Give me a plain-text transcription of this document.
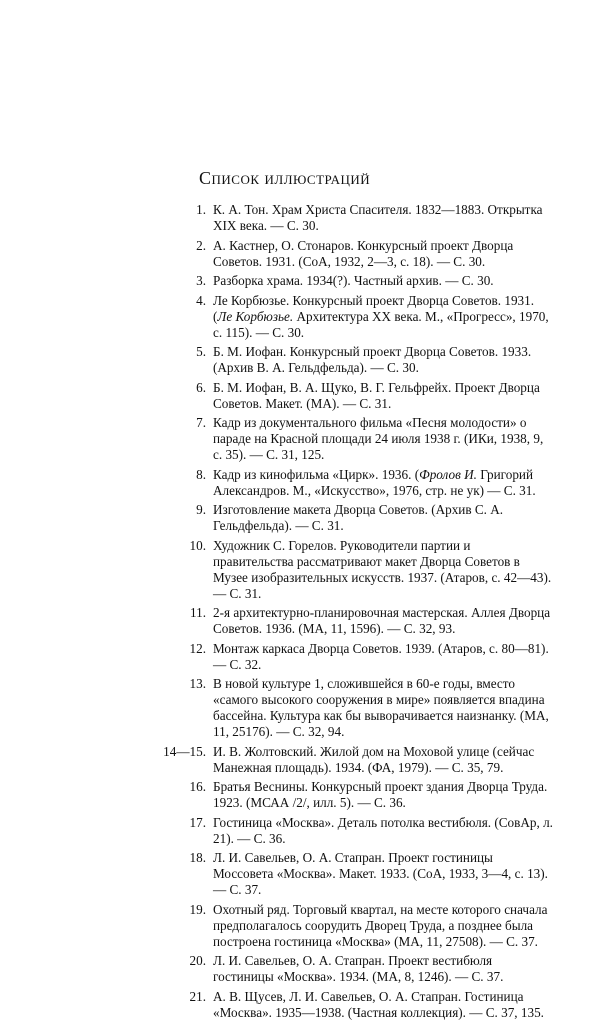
Список иллюстраций
1. К. А. Тон. Храм Христа Спасителя. 1832—1883. Открытка XIX века. — С. 30.
2. А. Кастнер, О. Стонаров. Конкурсный проект Дворца Советов. 1931. (СоА, 1932, 2—3, с. 18). — С. 30.
3. Разборка храма. 1934(?). Частный архив. — С. 30.
4. Ле Корбюзье. Конкурсный проект Дворца Советов. 1931. (Ле Корбюзье. Архитектура XX века. М., «Прогресс», 1970, с. 115). — С. 30.
5. Б. М. Иофан. Конкурсный проект Дворца Советов. 1933. (Архив В. А. Гельдфельда). — С. 30.
6. Б. М. Иофан, В. А. Щуко, В. Г. Гельфрейх. Проект Дворца Советов. Макет. (МА). — С. 31.
7. Кадр из документального фильма «Песня молодости» о параде на Красной площади 24 июля 1938 г. (ИКи, 1938, 9, с. 35). — С. 31, 125.
8. Кадр из кинофильма «Цирк». 1936. (Фролов И. Григорий Александров. М., «Искусство», 1976, стр. не ук) — С. 31.
9. Изготовление макета Дворца Советов. (Архив С. А. Гельдфельда). — С. 31.
10. Художник С. Горелов. Руководители партии и правительства рассматривают макет Дворца Советов в Музее изобразительных искусств. 1937. (Атаров, с. 42—43). — С. 31.
11. 2-я архитектурно-планировочная мастерская. Аллея Дворца Советов. 1936. (МА, 11, 1596). — С. 32, 93.
12. Монтаж каркаса Дворца Советов. 1939. (Атаров, с. 80—81). — С. 32.
13. В новой культуре 1, сложившейся в 60-е годы, вместо «самого высокого сооружения в мире» появляется впадина бассейна. Культура как бы выворачивается наизнанку. (МА, 11, 25176). — С. 32, 94.
14—15. И. В. Жолтовский. Жилой дом на Моховой улице (сейчас Манежная площадь). 1934. (ФА, 1979). — С. 35, 79.
16. Братья Веснины. Конкурсный проект здания Дворца Труда. 1923. (МСАА /2/, илл. 5). — С. 36.
17. Гостиница «Москва». Деталь потолка вестибюля. (СовАр, л. 21). — С. 36.
18. Л. И. Савельев, О. А. Стапран. Проект гостиницы Моссовета «Москва». Макет. 1933. (СоА, 1933, 3—4, с. 13). — С. 37.
19. Охотный ряд. Торговый квартал, на месте которого сначала предполагалось соорудить Дворец Труда, а позднее была построена гостиница «Москва» (МА, 11, 27508). — С. 37.
20. Л. И. Савельев, О. А. Стапран. Проект вестибюля гостиницы «Москва». 1934. (МА, 8, 1246). — С. 37.
21. А. В. Щусев, Л. И. Савельев, О. А. Стапран. Гостиница «Москва». 1935—1938. (Частная коллекция). — С. 37, 135.
